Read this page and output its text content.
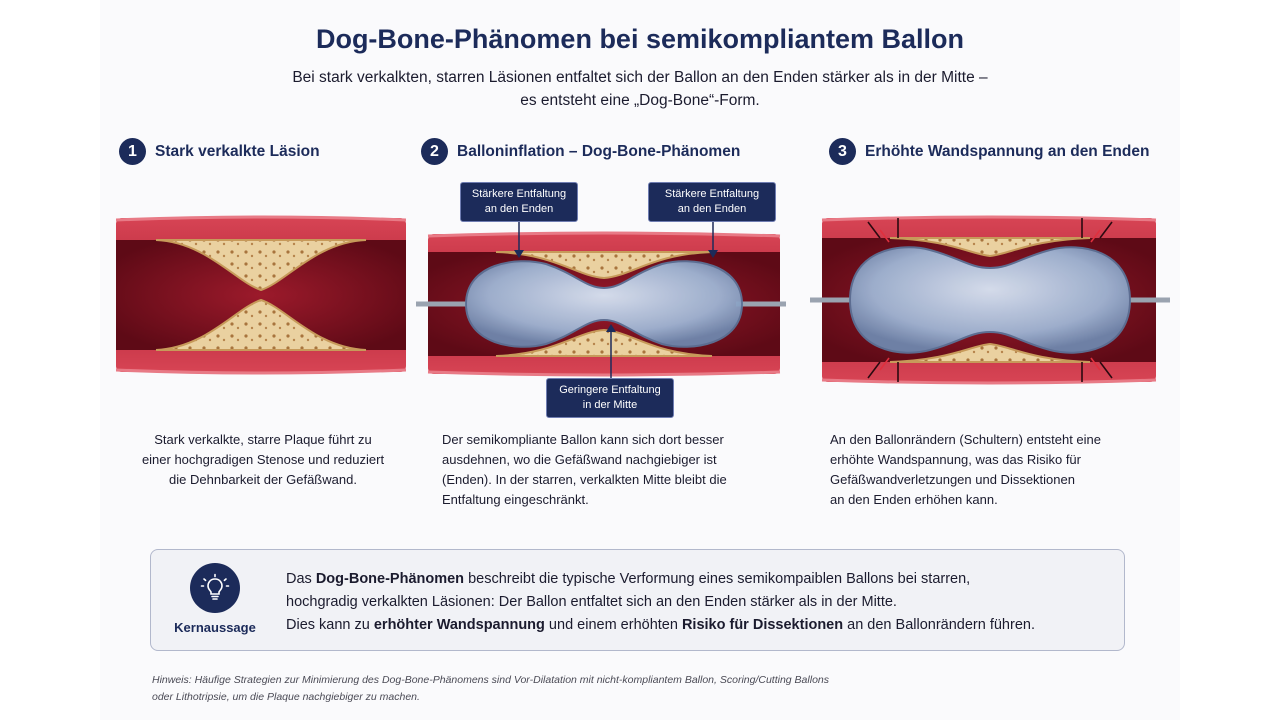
Dog-Bone-Phänomen bei semikompliantem Ballon
Bei stark verkalkten, starren Läsionen entfaltet sich der Ballon an den Enden stärker als in der Mitte –
es entsteht eine „Dog-Bone“-Form.
1	Stark verkalkte Läsion	2	Balloninflation – Dog-Bone-Phänomen	3	Erhöhte Wandspannung an den Enden
Stärkere Entfaltung
an den Enden
Stärkere Entfaltung
an den Enden
Geringere Entfaltung
in der Mitte
Stark verkalkte, starre Plaque führt zu
einer hochgradigen Stenose und reduziert
die Dehnbarkeit der Gefäßwand.
Der semikompliante Ballon kann sich dort besser
ausdehnen, wo die Gefäßwand nachgiebiger ist
(Enden). In der starren, verkalkten Mitte bleibt die
Entfaltung eingeschränkt.
An den Ballonrändern (Schultern) entsteht eine
erhöhte Wandspannung, was das Risiko für
Gefäßwandverletzungen und Dissektionen
an den Enden erhöhen kann.
Kernaussage
Das Dog-Bone-Phänomen beschreibt die typische Verformung eines semikompaiblen Ballons bei starren,
hochgradig verkalkten Läsionen: Der Ballon entfaltet sich an den Enden stärker als in der Mitte.
Dies kann zu erhöhter Wandspannung und einem erhöhten Risiko für Dissektionen an den Ballonrändern führen.
Hinweis: Häufige Strategien zur Minimierung des Dog-Bone-Phänomens sind Vor-Dilatation mit nicht-kompliantem Ballon, Scoring/Cutting Ballons
oder Lithotripsie, um die Plaque nachgiebiger zu machen.
